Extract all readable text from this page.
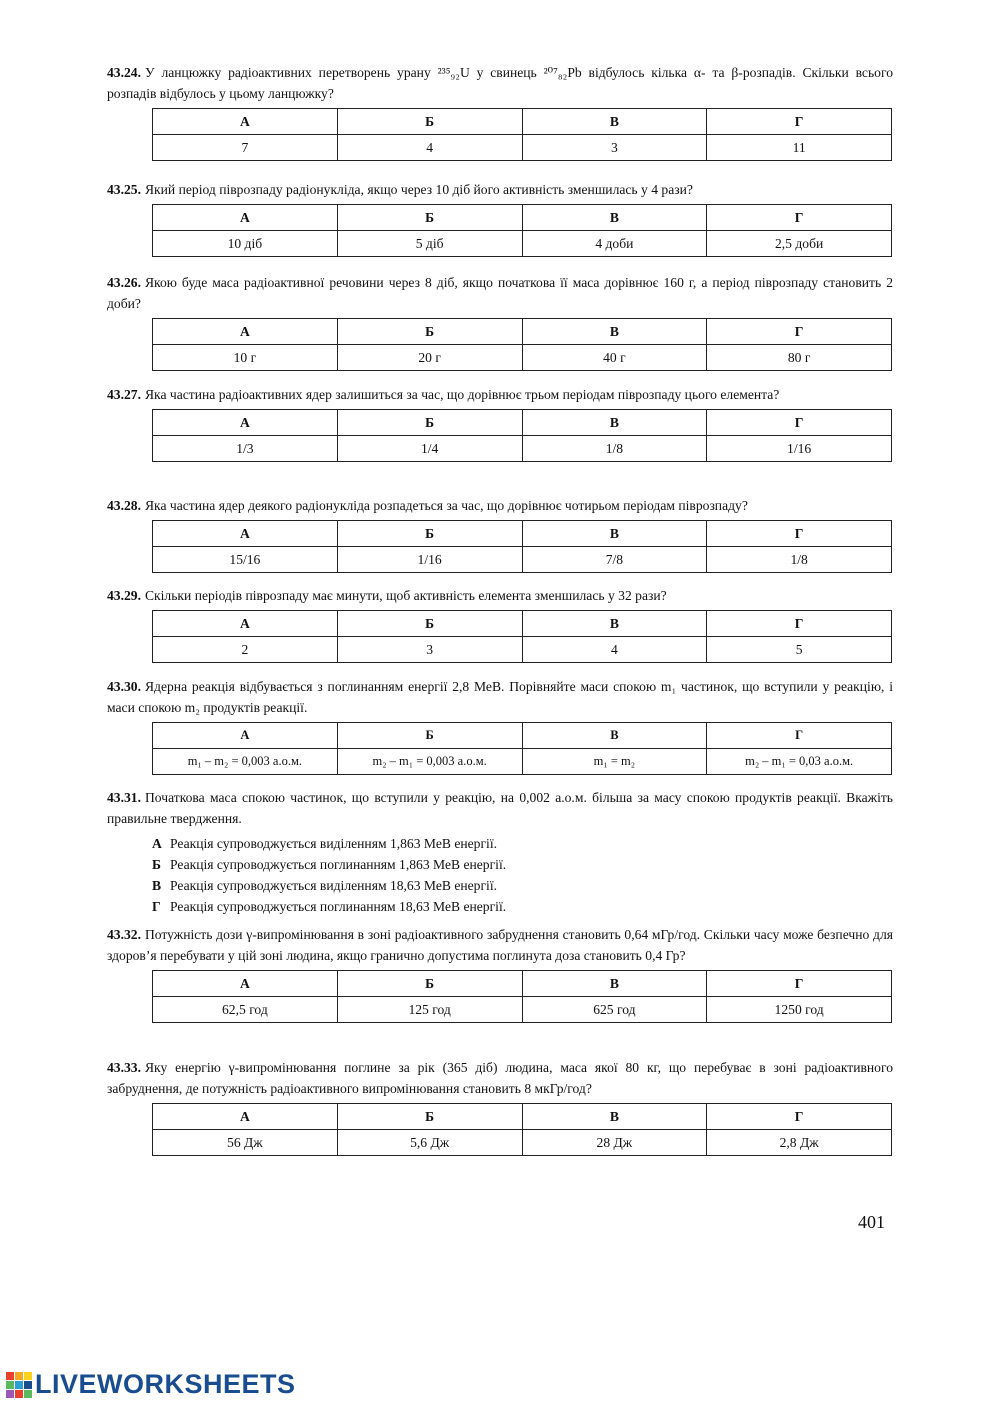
43.24. У ланцюжку радіоактивних перетворень урану ²³⁵₉₂U у свинець ²⁰⁷₈₂Pb відбулось кілька α- та β-розпадів. Скільки всього розпадів відбулось у цьому ланцюжку?

А	Б	В	Г
7	4	3	11

43.25. Який період піврозпаду радіонукліда, якщо через 10 діб його активність зменшилась у 4 рази?

А	Б	В	Г
10 діб	5 діб	4 доби	2,5 доби

43.26. Якою буде маса радіоактивної речовини через 8 діб, якщо початкова її маса дорівнює 160 г, а період піврозпаду становить 2 доби?

А	Б	В	Г
10 г	20 г	40 г	80 г

43.27. Яка частина радіоактивних ядер залишиться за час, що дорівнює трьом періодам піврозпаду цього елемента?

А	Б	В	Г
1/3	1/4	1/8	1/16

43.28. Яка частина ядер деякого радіонукліда розпадеться за час, що дорівнює чотирьом періодам піврозпаду?

А	Б	В	Г
15/16	1/16	7/8	1/8

43.29. Скільки періодів піврозпаду має минути, щоб активність елемента зменшилась у 32 рази?

А	Б	В	Г
2	3	4	5

43.30. Ядерна реакція відбувається з поглинанням енергії 2,8 МеВ. Порівняйте маси спокою m₁ частинок, що вступили у реакцію, і маси спокою m₂ продуктів реакції.

А	Б	В	Г
m₁ – m₂ = 0,003 а.о.м.	m₂ – m₁ = 0,003 а.о.м.	m₁ = m₂	m₂ – m₁ = 0,03 а.о.м.

43.31. Початкова маса спокою частинок, що вступили у реакцію, на 0,002 а.о.м. більша за масу спокою продуктів реакції. Вкажіть правильне твердження.

А Реакція супроводжується виділенням 1,863 МеВ енергії.
Б Реакція супроводжується поглинанням 1,863 МеВ енергії.
В Реакція супроводжується виділенням 18,63 МеВ енергії.
Г Реакція супроводжується поглинанням 18,63 МеВ енергії.

43.32. Потужність дози γ-випромінювання в зоні радіоактивного забруднення становить 0,64 мГр/год. Скільки часу може безпечно для здоров’я перебувати у цій зоні людина, якщо гранично допустима поглинута доза становить 0,4 Гр?

А	Б	В	Г
62,5 год	125 год	625 год	1250 год

43.33. Яку енергію γ-випромінювання поглине за рік (365 діб) людина, маса якої 80 кг, що перебуває в зоні радіоактивного забруднення, де потужність радіоактивного випромінювання становить 8 мкГр/год?

А	Б	В	Г
56 Дж	5,6 Дж	28 Дж	2,8 Дж
401
LIVEWORKSHEETS
